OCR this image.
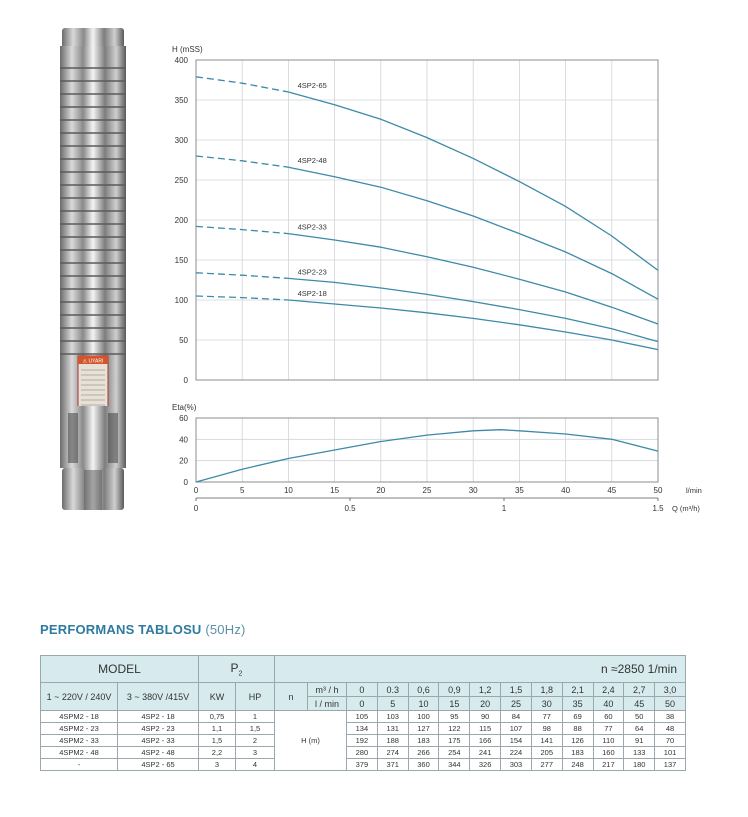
⚠ UYARI
0
50
100
150
200
250
300
350
400
H (mSS)
4SP2-65
4SP2-48
4SP2-33
4SP2-23
4SP2-18
0
20
40
60
Eta(%)
0	5	10	15	20	25	30	35	40	45	50	l/min
0	0.5	1	1.5 Q (m³/h)
PERFORMANS TABLOSU (50Hz)
MODEL		$P_2$		n ≈2850 1/min												
1 ~ 220V / 240V	3 ~ 380V /415V	KW	HP	n	m³ / h	0	0.3	0,6	0,9	1,2	1,5	1,8	2,1	2,4	2,7	3,0
					l / min	0	5	10	15	20	25	30	35	40	45	50
4SPM2 - 18	4SP2 - 18	0,75	1			105	103	100	95	90	84	77	69	60	50	38
4SPM2 - 23	4SP2 - 23	1,1	1,5			134	131	127	122	115	107	98	88	77	64	48
4SPM2 - 33	4SP2 - 33	1,5	2	H (m)		192	188	183	175	166	154	141	126	110	91	70
4SPM2 - 48	4SP2 - 48	2,2	3			280	274	266	254	241	224	205	183	160	133	101
-	4SP2 - 65	3	4			379	371	360	344	326	303	277	248	217	180	137
